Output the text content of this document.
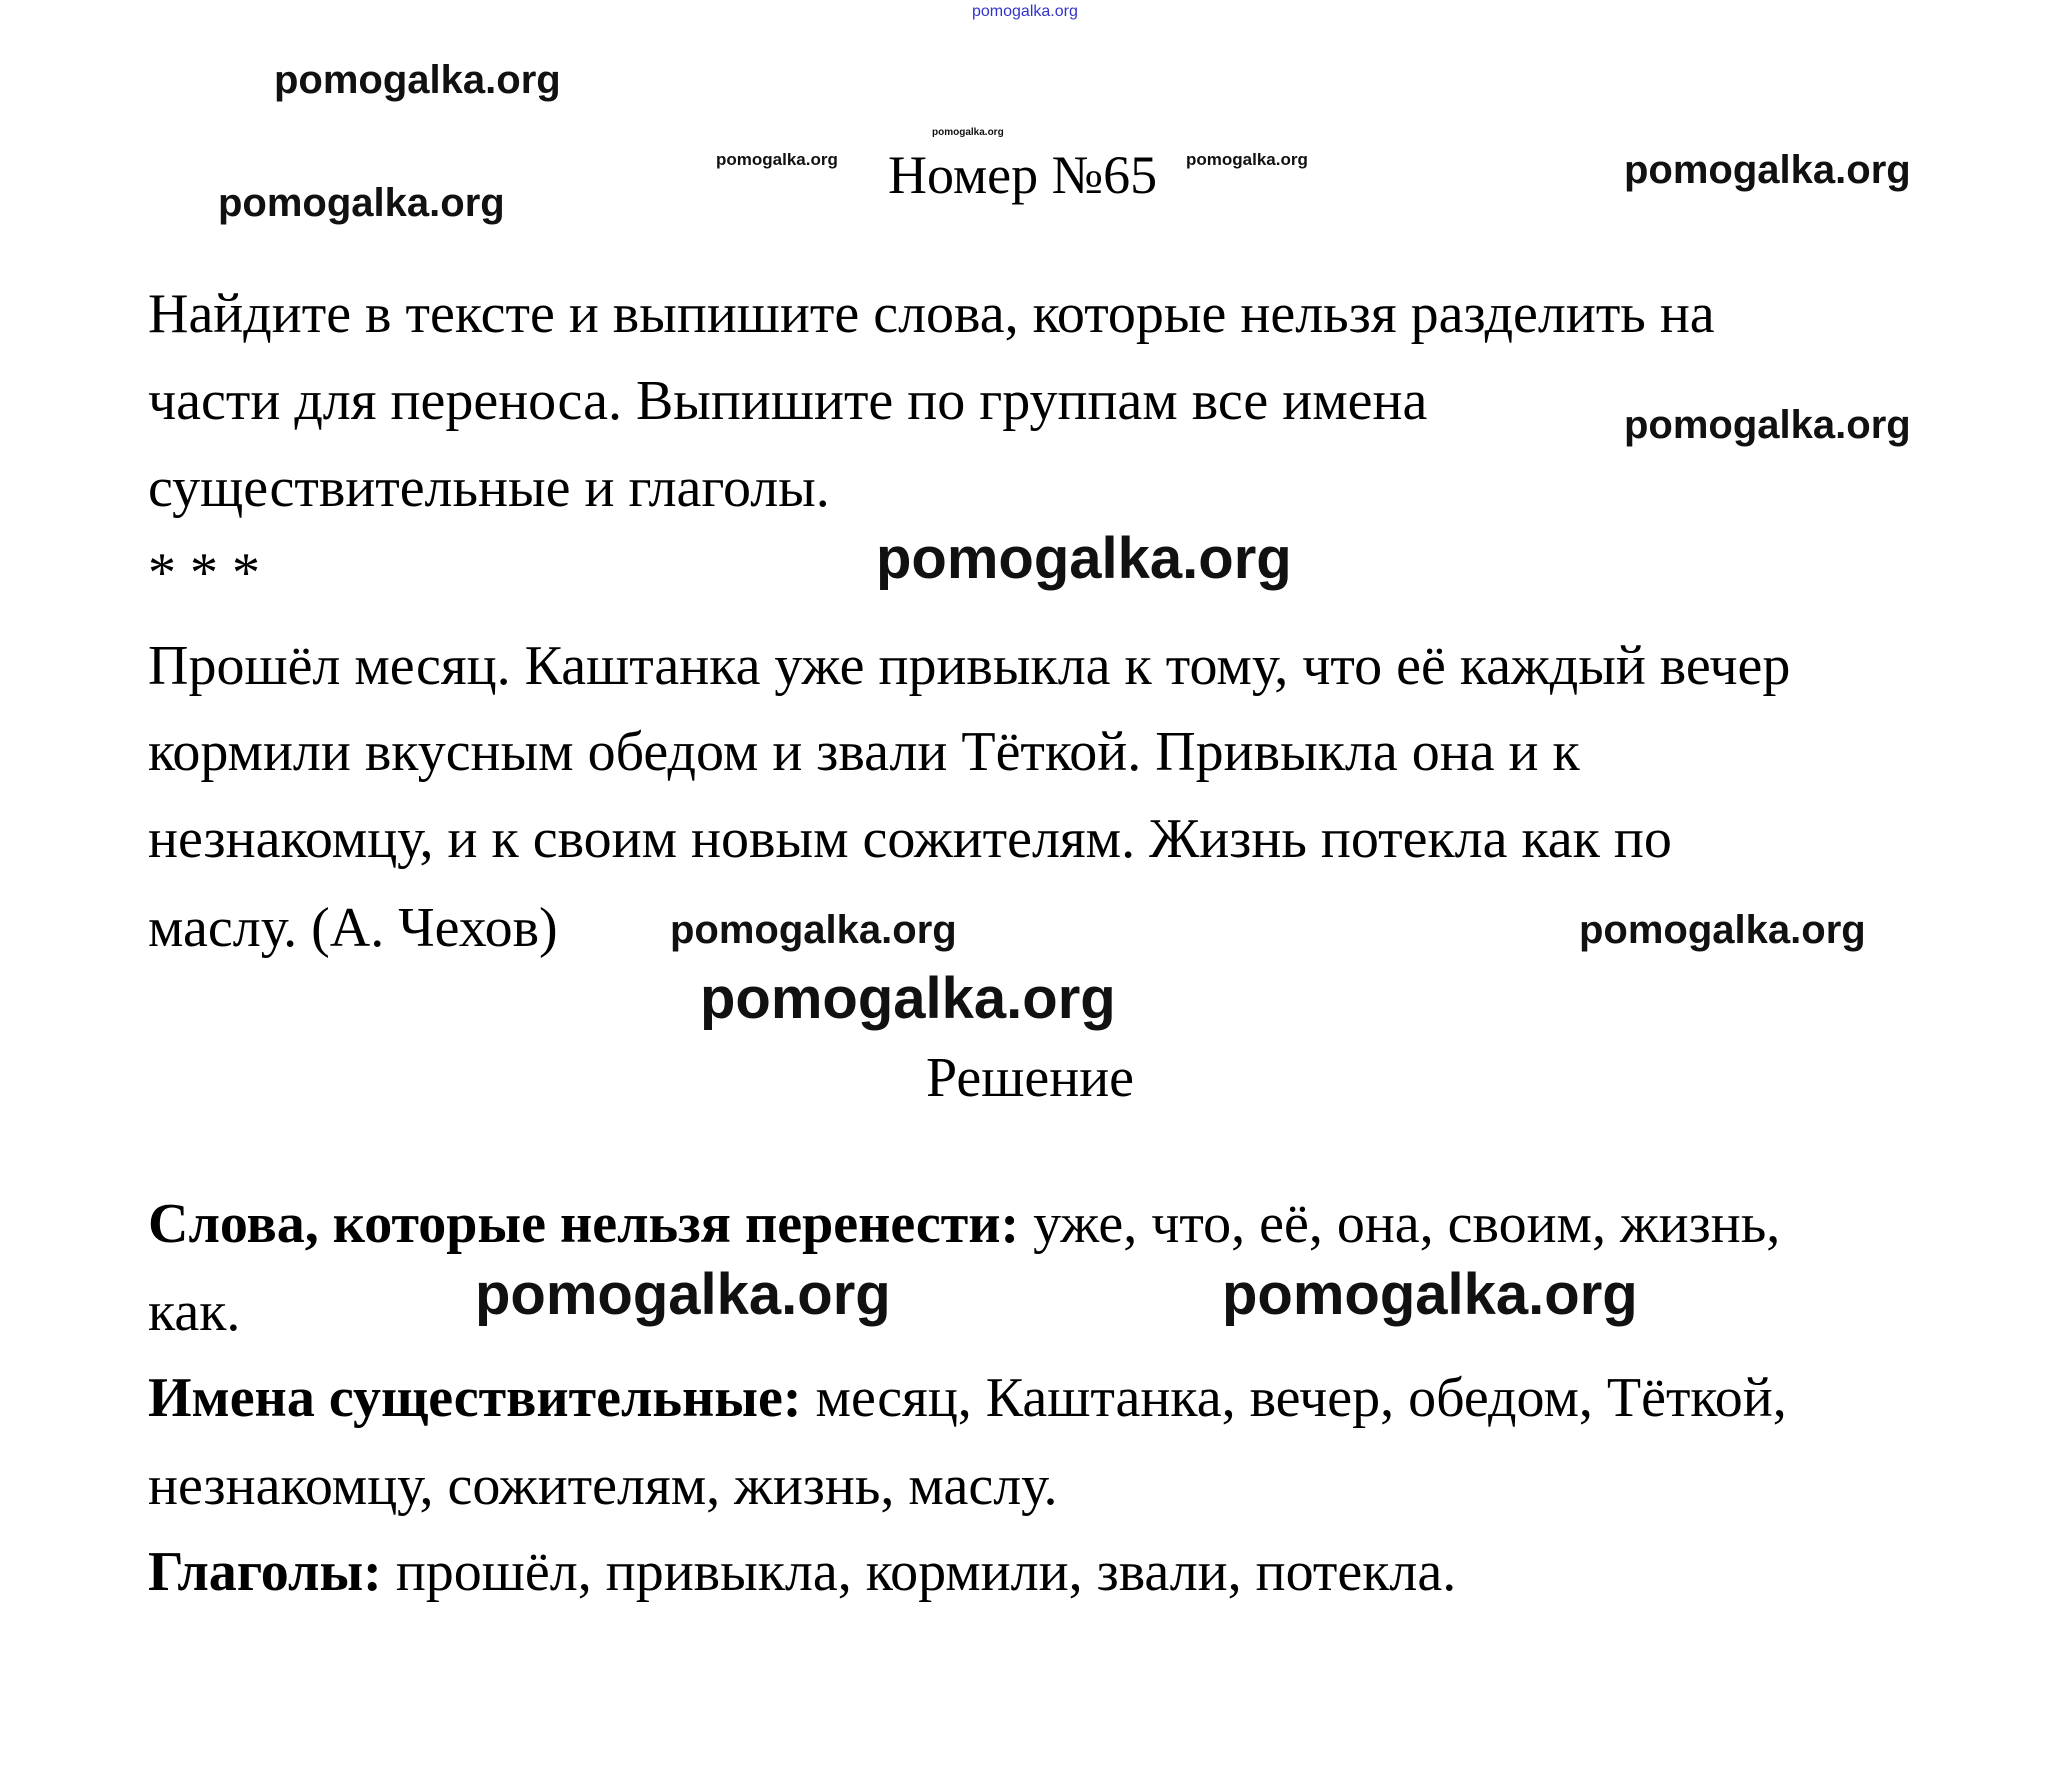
pomogalka.org
pomogalka.org
pomogalka.org
pomogalka.org	pomogalka.org
pomogalka.org
pomogalka.org
pomogalka.org
pomogalka.org
pomogalka.org
pomogalka.org
pomogalka.org
pomogalka.org	pomogalka.org
Номер №65
Найдите в тексте и выпишите слова, которые нельзя разделить на
части для переноса. Выпишите по группам все имена
существительные и глаголы.
* * *
Прошёл месяц. Каштанка уже привыкла к тому, что её каждый вечер
кормили вкусным обедом и звали Тёткой. Привыкла она и к
незнакомцу, и к своим новым сожителям. Жизнь потекла как по
маслу. (А. Чехов)
Решение
Слова, которые нельзя перенести: уже, что, её, она, своим, жизнь,
как.
Имена существительные: месяц, Каштанка, вечер, обедом, Тёткой,
незнакомцу, сожителям, жизнь, маслу.
Глаголы: прошёл, привыкла, кормили, звали, потекла.
